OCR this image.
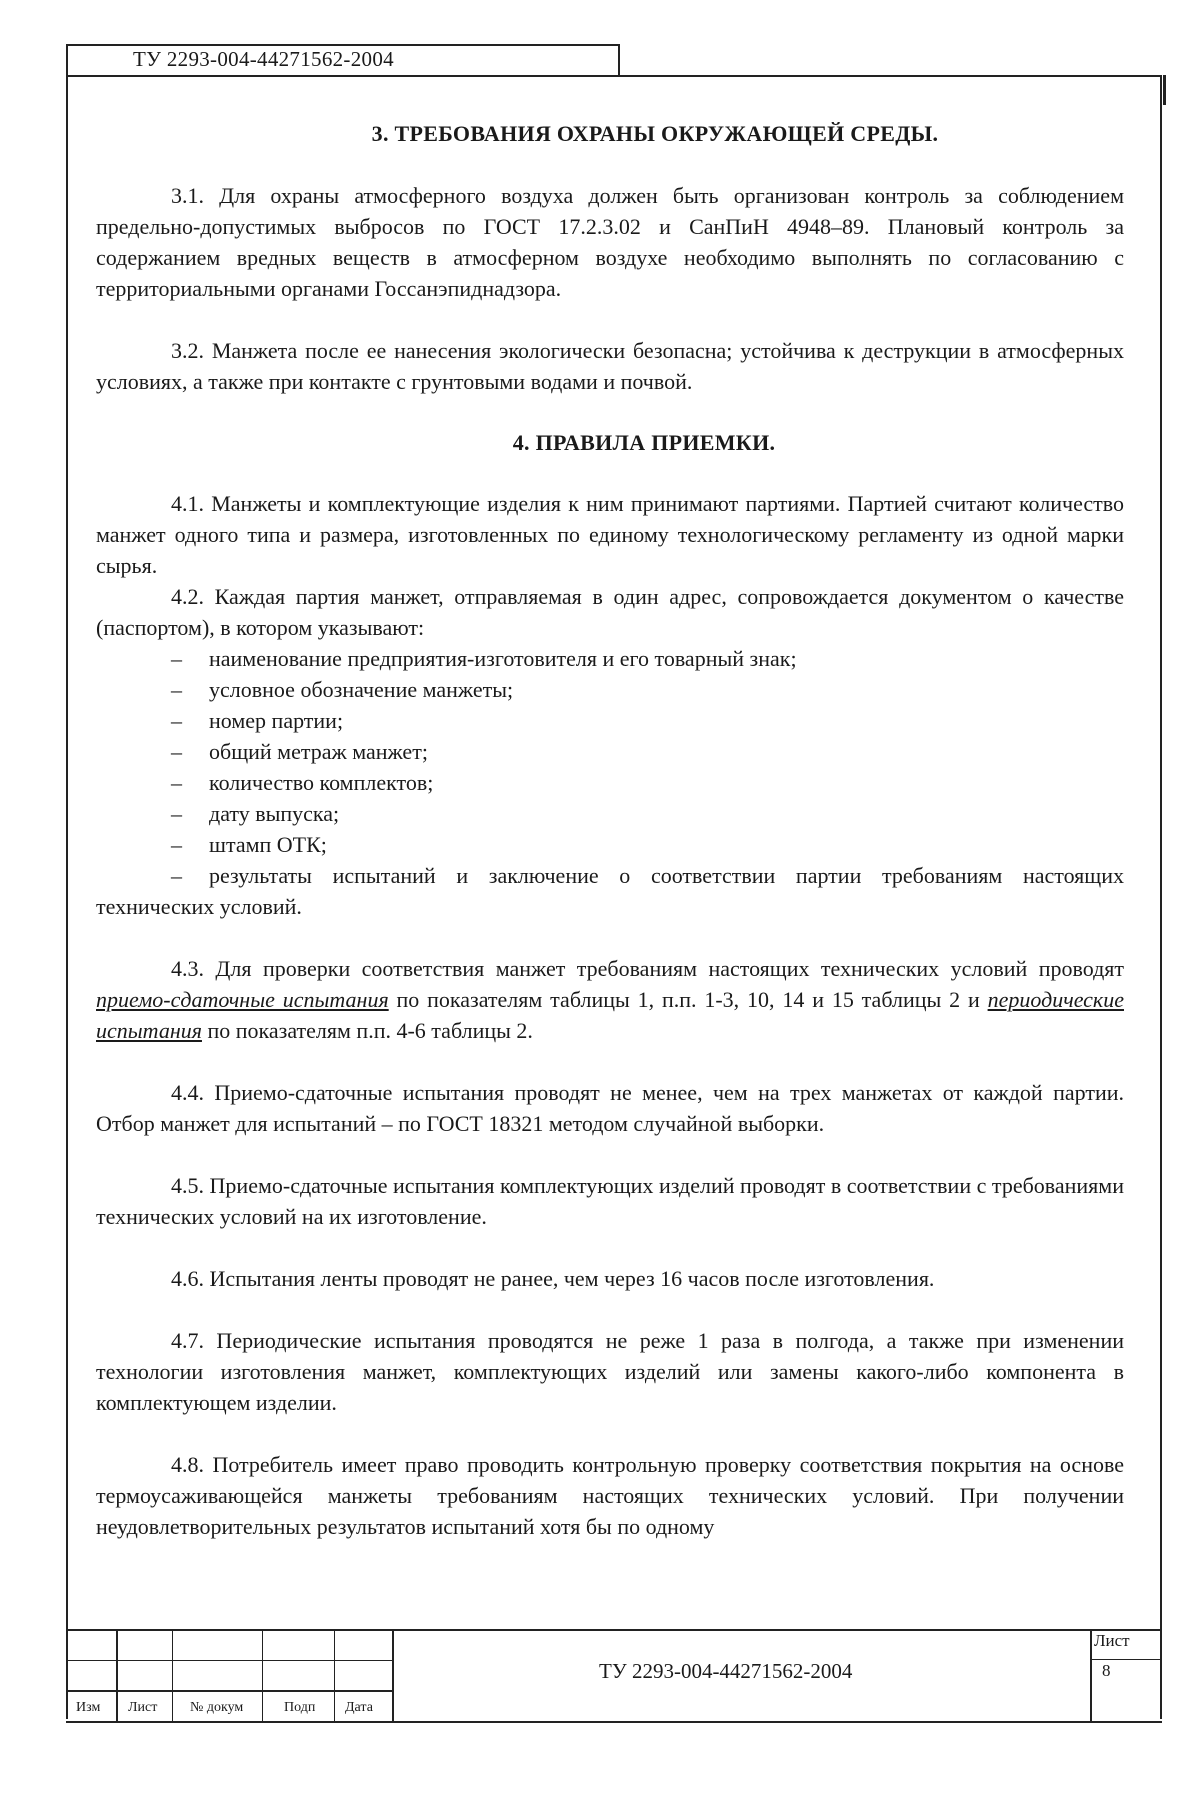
ТУ 2293-004-44271562-2004
3. ТРЕБОВАНИЯ ОХРАНЫ ОКРУЖАЮЩЕЙ СРЕДЫ.

3.1. Для охраны атмосферного воздуха должен быть организован контроль за соблюдением предельно-допустимых выбросов по ГОСТ 17.2.3.02 и СанПиН 4948–89. Плановый контроль за содержанием вредных веществ в атмосферном воздухе необходимо выполнять по согласованию с территориальными органами Госсанэпиднадзора.

3.2. Манжета после ее нанесения экологически безопасна; устойчива к деструкции в атмосферных условиях, а также при контакте с грунтовыми водами и почвой.

4. ПРАВИЛА ПРИЕМКИ.

4.1. Манжеты и комплектующие изделия к ним принимают партиями. Партией считают количество манжет одного типа и размера, изготовленных по единому технологическому регламенту из одной марки сырья.

4.2. Каждая партия манжет, отправляемая в один адрес, сопровождается документом о качестве (паспортом), в котором указывают:

– наименование предприятия-изготовителя и его товарный знак;
– условное обозначение манжеты;
– номер партии;
– общий метраж манжет;
– количество комплектов;
– дату выпуска;
– штамп ОТК;
– результаты испытаний и заключение о соответствии партии требованиям настоящих технических условий.

4.3. Для проверки соответствия манжет требованиям настоящих технических условий проводят приемо-сдаточные испытания по показателям таблицы 1, п.п. 1-3, 10, 14 и 15 таблицы 2 и периодические испытания по показателям п.п. 4-6 таблицы 2.

4.4. Приемо-сдаточные испытания проводят не менее, чем на трех манжетах от каждой партии. Отбор манжет для испытаний – по ГОСТ 18321 методом случайной выборки.

4.5. Приемо-сдаточные испытания комплектующих изделий проводят в соответствии с требованиями технических условий на их изготовление.

4.6. Испытания ленты проводят не ранее, чем через 16 часов после изготовления.

4.7. Периодические испытания проводятся не реже 1 раза в полгода, а также при изменении технологии изготовления манжет, комплектующих изделий или замены какого-либо компонента в комплектующем изделии.

4.8. Потребитель имеет право проводить контрольную проверку соответствия покрытия на основе термоусаживающейся манжеты требованиям настоящих технических условий. При получении неудовлетворительных результатов испытаний хотя бы по одному

Изм Лист № докум	Подп Дата
ТУ 2293-004-44271562-2004
Лист
8
